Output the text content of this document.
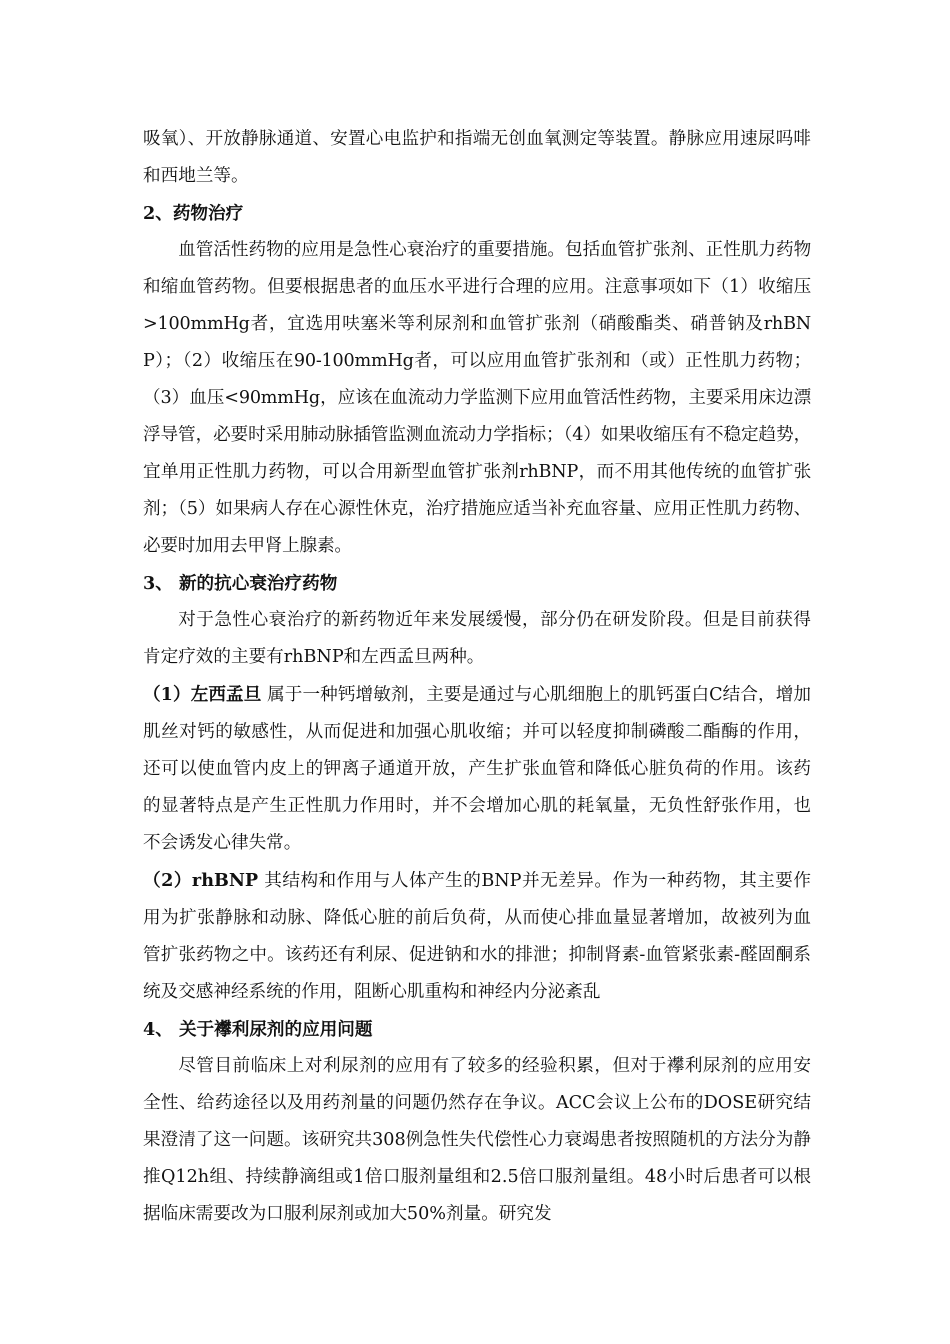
吸氧）、开放静脉通道、安置心电监护和指端无创血氧测定等装置。静脉应用速尿吗啡和西地兰等。

2、药物治疗

血管活性药物的应用是急性心衰治疗的重要措施。包括血管扩张剂、正性肌力药物和缩血管药物。但要根据患者的血压水平进行合理的应用。注意事项如下（1）收缩压>100mmHg者，宜选用呋塞米等利尿剂和血管扩张剂（硝酸酯类、硝普钠及rhBNP）；（2）收缩压在90-100mmHg者，可以应用血管扩张剂和（或）正性肌力药物；（3）血压<90mmHg，应该在血流动力学监测下应用血管活性药物，主要采用床边漂浮导管，必要时采用肺动脉插管监测血流动力学指标；（4）如果收缩压有不稳定趋势，宜单用正性肌力药物，可以合用新型血管扩张剂rhBNP，而不用其他传统的血管扩张剂；（5）如果病人存在心源性休克，治疗措施应适当补充血容量、应用正性肌力药物、必要时加用去甲肾上腺素。

3、 新的抗心衰治疗药物

对于急性心衰治疗的新药物近年来发展缓慢，部分仍在研发阶段。但是目前获得肯定疗效的主要有rhBNP和左西孟旦两种。

（1）左西孟旦 属于一种钙增敏剂，主要是通过与心肌细胞上的肌钙蛋白C结合，增加肌丝对钙的敏感性，从而促进和加强心肌收缩；并可以轻度抑制磷酸二酯酶的作用，还可以使血管内皮上的钾离子通道开放，产生扩张血管和降低心脏负荷的作用。该药的显著特点是产生正性肌力作用时，并不会增加心肌的耗氧量，无负性舒张作用，也不会诱发心律失常。

（2）rhBNP 其结构和作用与人体产生的BNP并无差异。作为一种药物，其主要作用为扩张静脉和动脉、降低心脏的前后负荷，从而使心排血量显著增加，故被列为血管扩张药物之中。该药还有利尿、促进钠和水的排泄；抑制肾素-血管紧张素-醛固酮系统及交感神经系统的作用，阻断心肌重构和神经内分泌紊乱

4、 关于襻利尿剂的应用问题

尽管目前临床上对利尿剂的应用有了较多的经验积累，但对于襻利尿剂的应用安全性、给药途径以及用药剂量的问题仍然存在争议。ACC会议上公布的DOSE研究结果澄清了这一问题。该研究共308例急性失代偿性心力衰竭患者按照随机的方法分为静推Q12h组、持续静滴组或1倍口服剂量组和2.5倍口服剂量组。48小时后患者可以根据临床需要改为口服利尿剂或加大50%剂量。研究发
